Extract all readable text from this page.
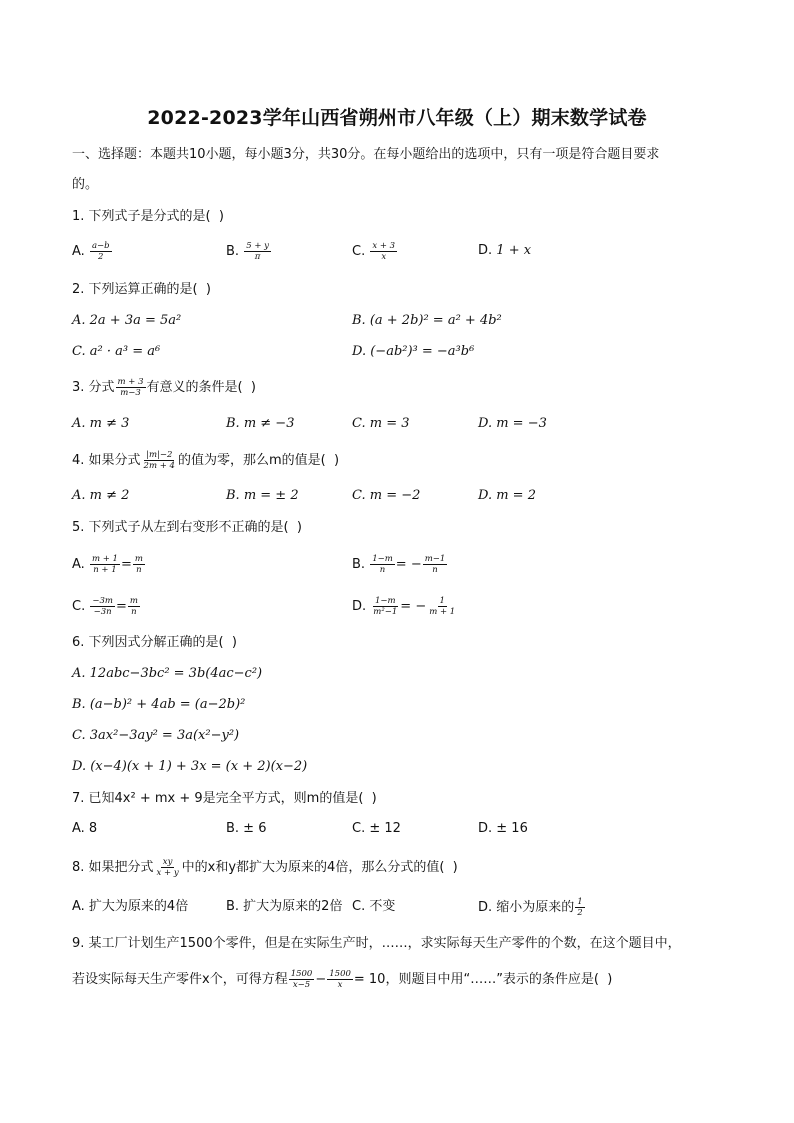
2022-2023学年山西省朔州市八年级（上）期末数学试卷
一、选择题：本题共10小题，每小题3分，共30分。在每小题给出的选项中，只有一项是符合题目要求
的。
1. 下列式子是分式的是(  )
A. $\frac{a-b}{2}$	B. $\frac{5 + y}{\pi}$	C. $\frac{x + 3}{x}$	D. 1 + x
2. 下列运算正确的是(  )
A. 2a + 3a = 5a²	B. (a + 2b)² = a² + 4b²
C. a² · a³ = a⁶	D. (−ab²)³ = −a³b⁶
3. 分式 $\frac{m + 3}{m-3}$ 有意义的条件是(  )
A. m ≠ 3	B. m ≠ −3	C. m = 3	D. m = −3
4. 如果分式 $\frac{|m|-2}{2m + 4}$ 的值为零，那么m的值是(  )
A. m ≠ 2	B. m = ± 2	C. m = −2	D. m = 2
5. 下列式子从左到右变形不正确的是(  )
A. $\frac{m + 1}{n + 1} = \frac{m}{n}$	B. $\frac{1-m}{n}$ = − $\frac{m-1}{n}$
C. $\frac{-3m}{-3n} = \frac{m}{n}$	D. $\frac{1-m}{\text{m²−1}}$ = − $\frac{1}{m + 1}$
6. 下列因式分解正确的是(  )
A. 12abc−3bc² = 3b(4ac−c²)
B. (a−b)² + 4ab = (a−2b)²
C. 3ax²−3ay² = 3a(x²−y²)
D. (x−4)(x + 1) + 3x = (x + 2)(x−2)
7. 已知4x² + mx + 9是完全平方式，则m的值是(  )
A. 8	B. ± 6	C. ± 12	D. ± 16
8. 如果把分式 $\frac{xy}{x + y}$ 中的x和y都扩大为原来的4倍，那么分式的值(  )
A. 扩大为原来的4倍	B. 扩大为原来的2倍 C. 不变	D. 缩小为原来的 $\frac{1}{2}$
9. 某工厂计划生产1500个零件，但是在实际生产时，……，求实际每天生产零件的个数，在这个题目中，
若设实际每天生产零件x个，可得方程 $\frac{1500}{x-5} - \frac{1500}{x} = 10$，则题目中用“……”表示的条件应是(  )
